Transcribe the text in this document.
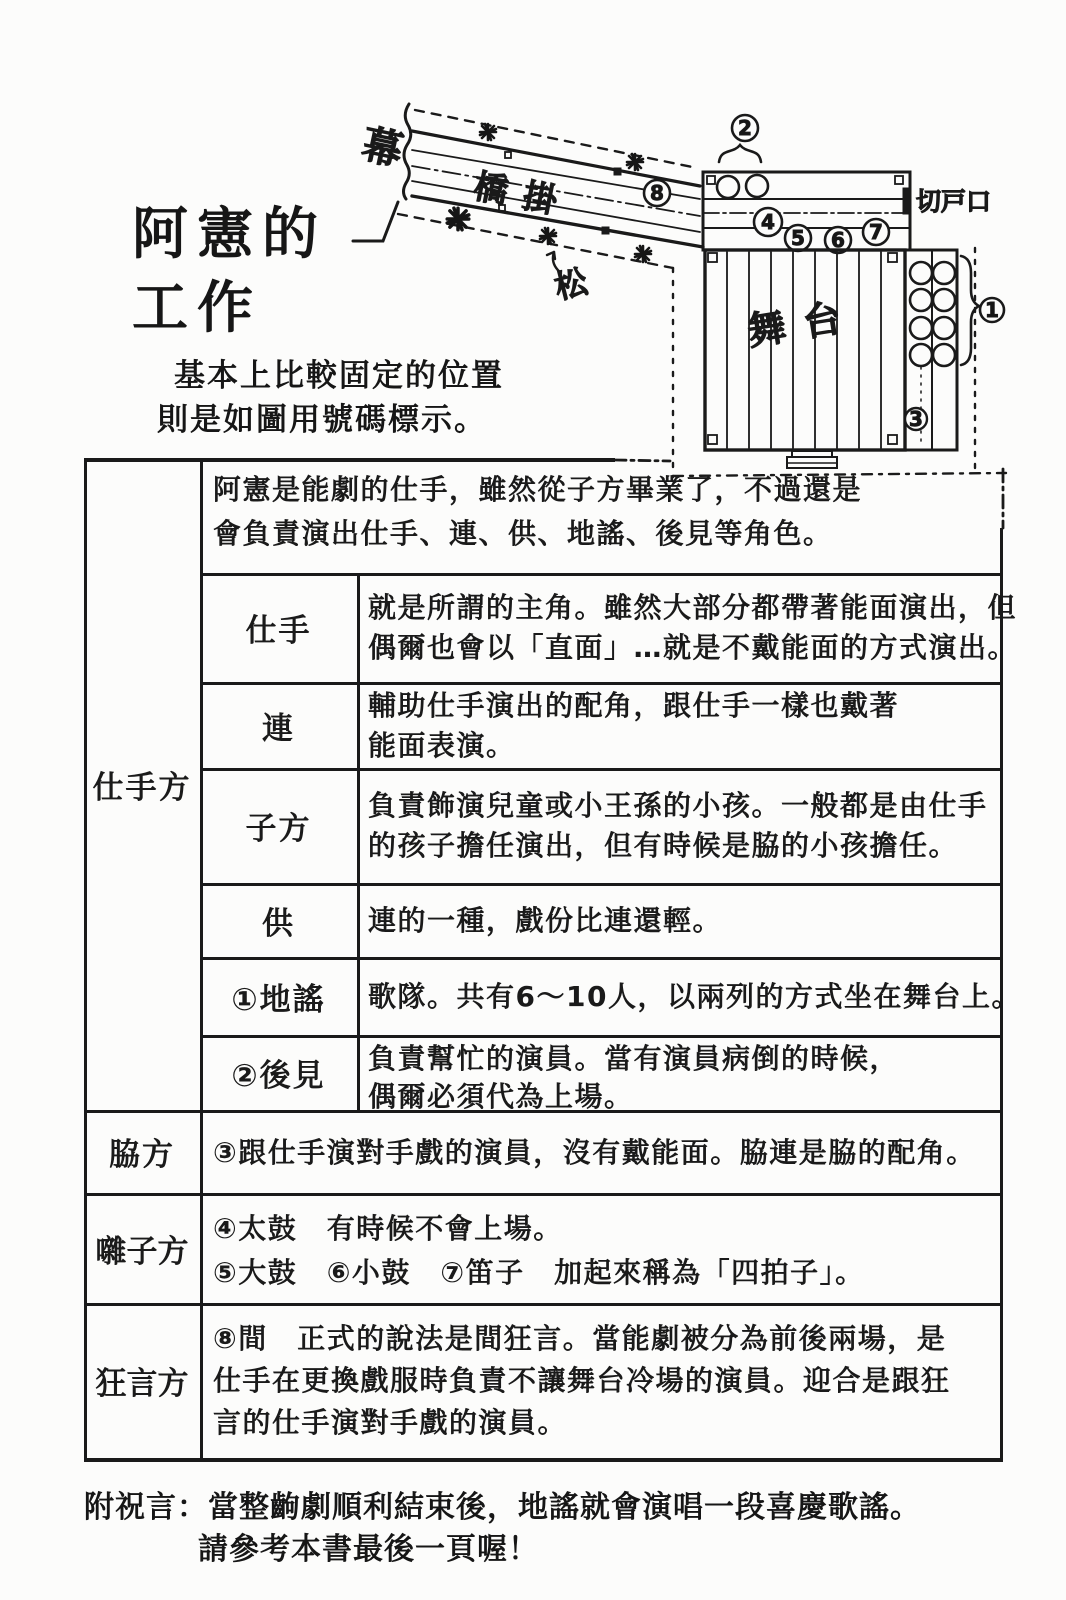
阿憲的
工作
基本上比較固定的位置
則是如圖用號碼標示。
幕
橋掛
松
切戸口
2
4
5 6 7
8
舞台
3
1
阿憲是能劇的仕手，雖然從子方畢業了，不過還是
會負責演出仕手、連、供、地謠、後見等角色。
仕手方
仕手
連
子方
供
①地謠
②後見
就是所謂的主角。雖然大部分都帶著能面演出，但
偶爾也會以「直面」…就是不戴能面的方式演出。
輔助仕手演出的配角，跟仕手一樣也戴著
能面表演。
負責飾演兒童或小王孫的小孩。一般都是由仕手
的孩子擔任演出，但有時候是脇的小孩擔任。
連的一種，戲份比連還輕。
歌隊。共有6～10人，以兩列的方式坐在舞台上。
負責幫忙的演員。當有演員病倒的時候，
偶爾必須代為上場。
脇方 ③跟仕手演對手戲的演員，沒有戴能面。脇連是脇的配角。
囃子方
④太鼓　有時候不會上場。
⑤大鼓　⑥小鼓　⑦笛子　加起來稱為「四拍子」。
狂言方
⑧間　正式的說法是間狂言。當能劇被分為前後兩場，是
仕手在更換戲服時負責不讓舞台冷場的演員。迎合是跟狂
言的仕手演對手戲的演員。
附祝言：當整齣劇順利結束後，地謠就會演唱一段喜慶歌謠。
請參考本書最後一頁喔！
